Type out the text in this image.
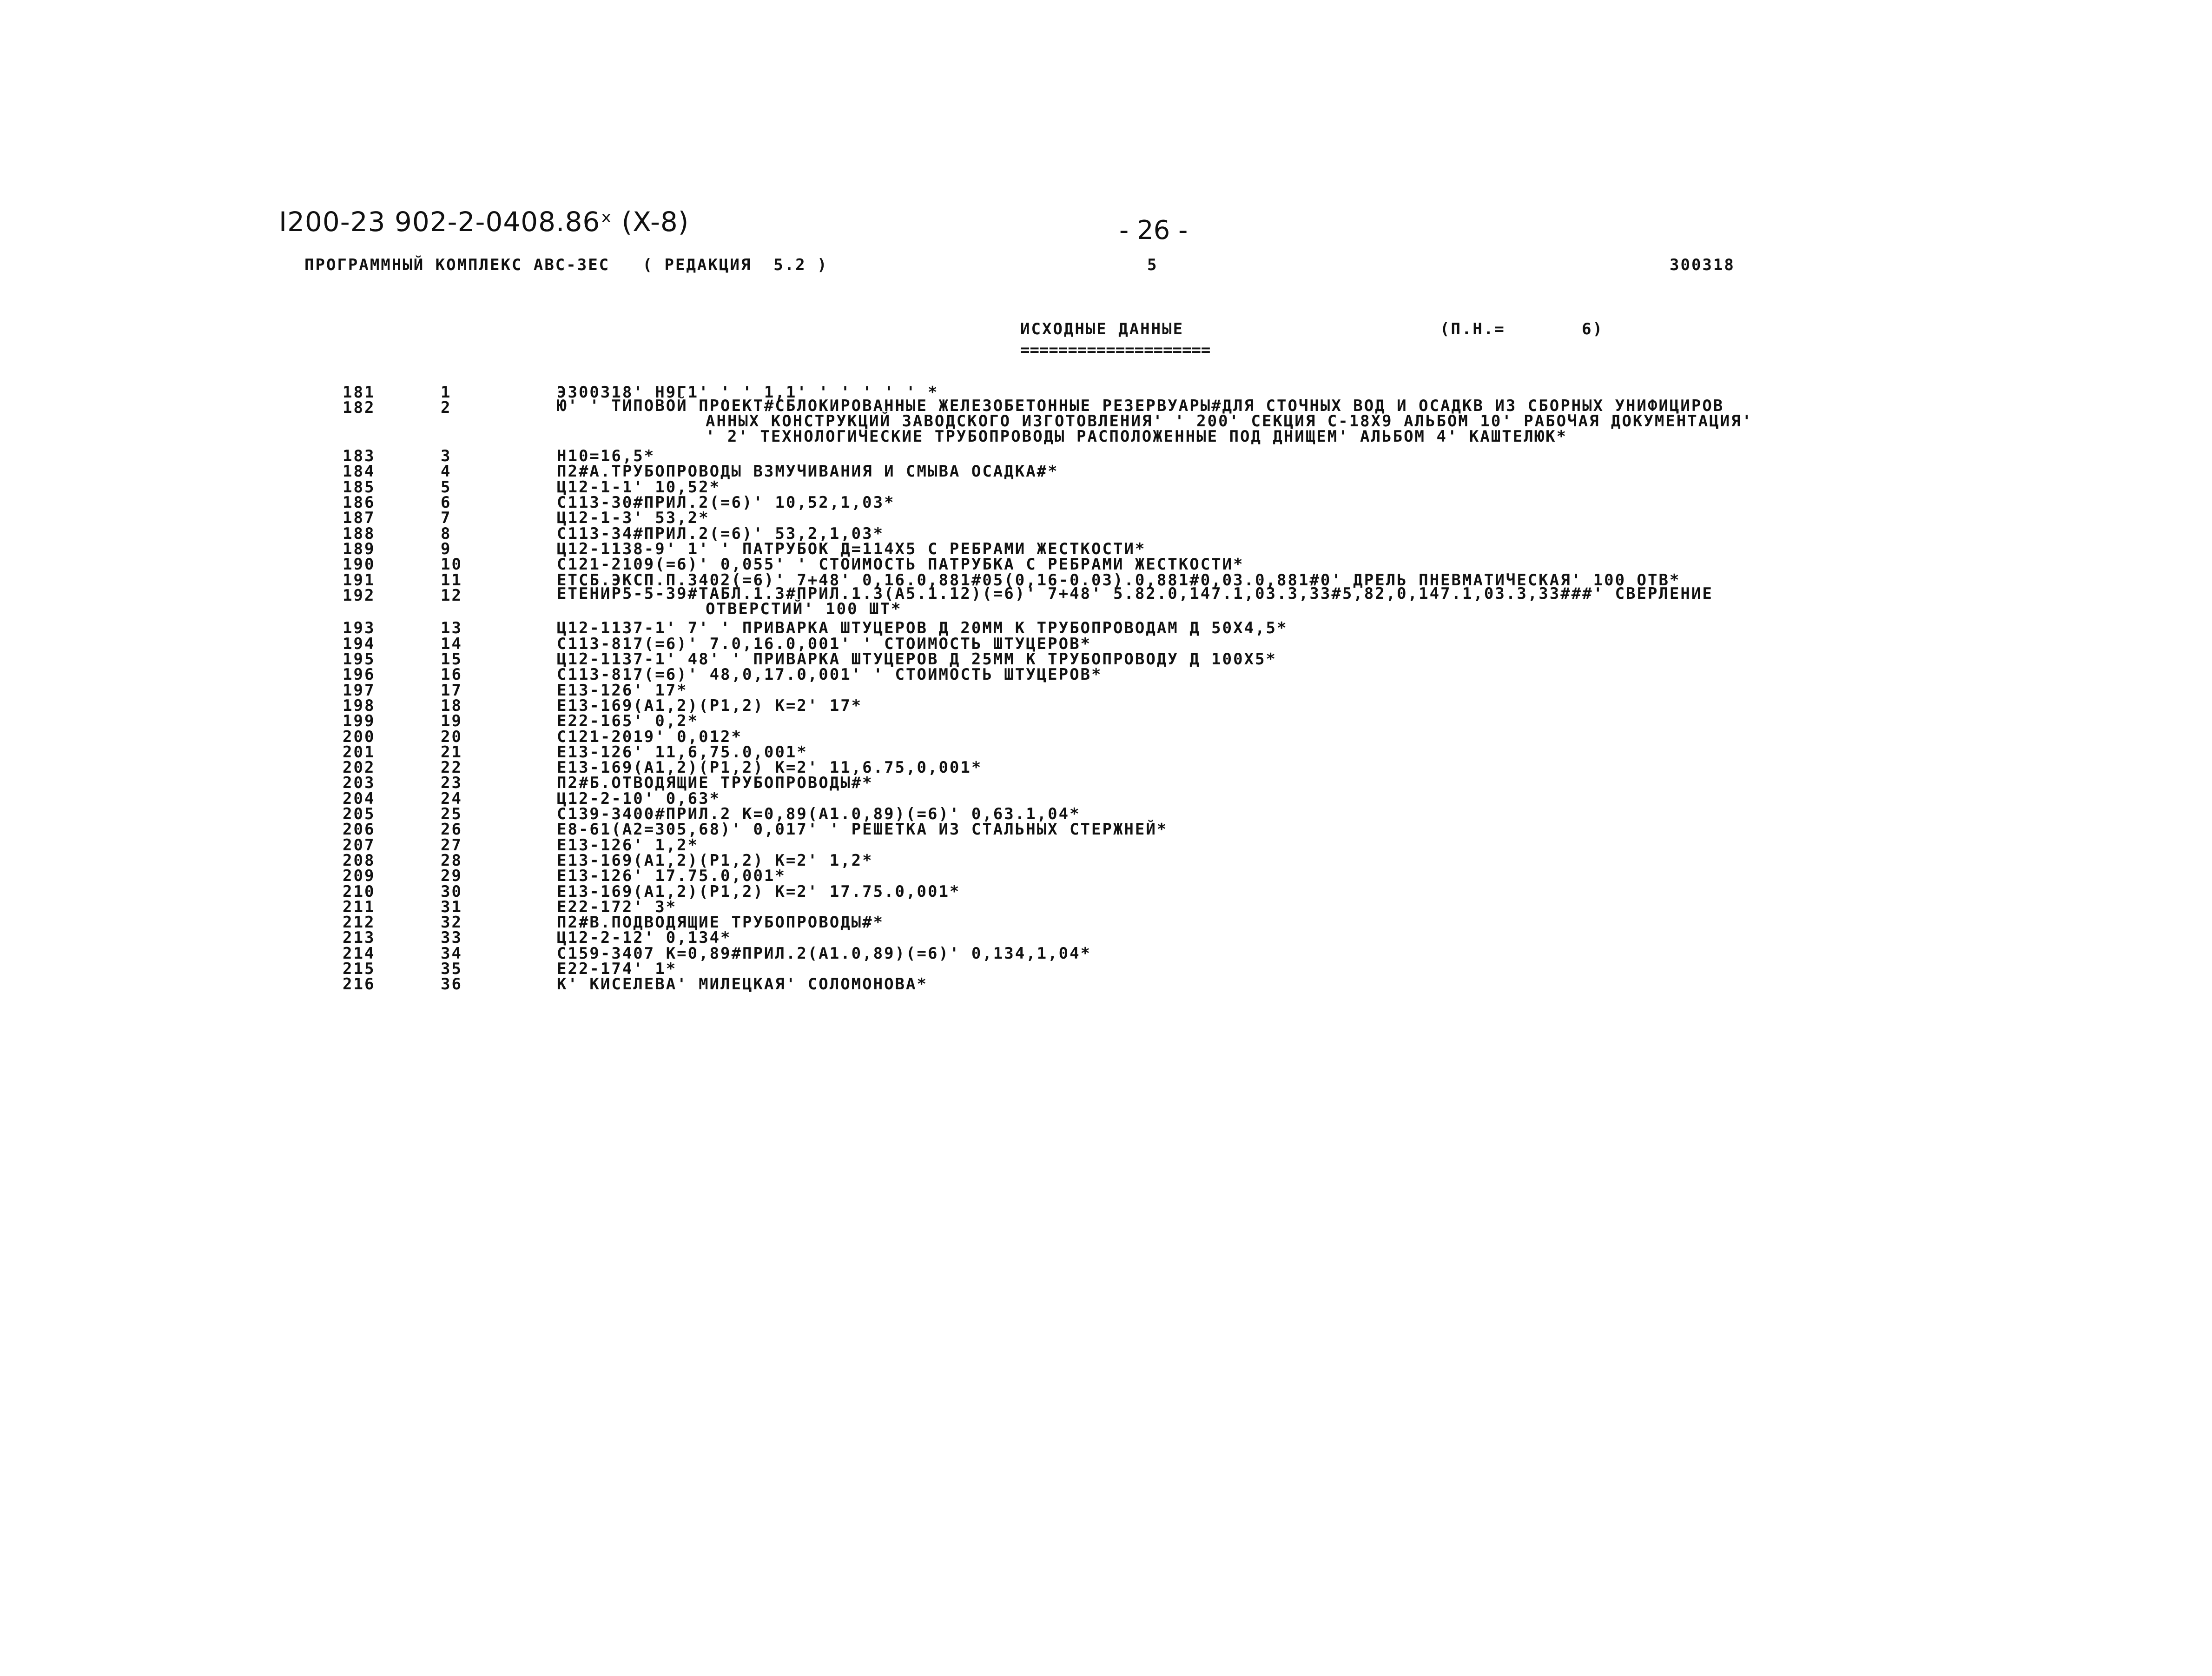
I200-23 902-2-0408.86ˣ (X-8)	- 26 -
ПРОГРАММНЫЙ КОМПЛЕКС АВС-3ЕС   ( РЕДАКЦИЯ  5.2 )	5	300318
ИСХОДНЫЕ ДАННЫЕ	(П.Н.=       6)
====================
181	1	Э300318' Н9Г1' ' ' 1,1' ' ' ' ' ' *
182	2	Ю' ' ТИПОВОЙ ПРОЕКТ#СБЛОКИРОВАННЫЕ ЖЕЛЕЗОБЕТОННЫЕ РЕЗЕРВУАРЫ#ДЛЯ СТОЧНЫХ ВОД И ОСАДКВ ИЗ СБОРНЫХ УНИФИЦИРОВ
АННЫХ КОНСТРУКЦИЙ ЗАВОДСКОГО ИЗГОТОВЛЕНИЯ' ' 200' СЕКЦИЯ С-18Х9 АЛЬБОМ 10' РАБОЧАЯ ДОКУМЕНТАЦИЯ'
' 2' ТЕХНОЛОГИЧЕСКИЕ ТРУБОПРОВОДЫ РАСПОЛОЖЕННЫЕ ПОД ДНИЩЕМ' АЛЬБОМ 4' КАШТЕЛЮК*
183	3	Н10=16,5*
184	4	П2#А.ТРУБОПРОВОДЫ ВЗМУЧИВАНИЯ И СМЫВА ОСАДКА#*
185	5	Ц12-1-1' 10,52*
186	6	С113-30#ПРИЛ.2(=6)' 10,52,1,03*
187	7	Ц12-1-3' 53,2*
188	8	С113-34#ПРИЛ.2(=6)' 53,2,1,03*
189	9	Ц12-1138-9' 1' ' ПАТРУБОК Д=114Х5 С РЕБРАМИ ЖЕСТКОСТИ*
190	10	С121-2109(=6)' 0,055' ' СТОИМОСТЬ ПАТРУБКА С РЕБРАМИ ЖЕСТКОСТИ*
191	11	ЕТСБ.ЭКСП.П.3402(=6)' 7+48' 0,16.0,881#05(0,16-0.03).0,881#0,03.0,881#0' ДРЕЛЬ ПНЕВМАТИЧЕСКАЯ' 100 ОТВ*
192	12	ЕТЕНИР5-5-39#ТАБЛ.1.3#ПРИЛ.1.3(А5.1.12)(=6)' 7+48' 5.82.0,147.1,03.3,33#5,82,0,147.1,03.3,33###' СВЕРЛЕНИЕ
ОТВЕРСТИЙ' 100 ШТ*
193	13	Ц12-1137-1' 7' ' ПРИВАРКА ШТУЦЕРОВ Д 20ММ К ТРУБОПРОВОДАМ Д 50Х4,5*
194	14	С113-817(=6)' 7.0,16.0,001' ' СТОИМОСТЬ ШТУЦЕРОВ*
195	15	Ц12-1137-1' 48' ' ПРИВАРКА ШТУЦЕРОВ Д 25ММ К ТРУБОПРОВОДУ Д 100Х5*
196	16	С113-817(=6)' 48,0,17.0,001' ' СТОИМОСТЬ ШТУЦЕРОВ*
197	17	Е13-126' 17*
198	18	Е13-169(А1,2)(Р1,2) К=2' 17*
199	19	Е22-165' 0,2*
200	20	С121-2019' 0,012*
201	21	Е13-126' 11,6,75.0,001*
202	22	Е13-169(А1,2)(Р1,2) К=2' 11,6.75,0,001*
203	23	П2#Б.ОТВОДЯЩИЕ ТРУБОПРОВОДЫ#*
204	24	Ц12-2-10' 0,63*
205	25	С139-3400#ПРИЛ.2 К=0,89(А1.0,89)(=6)' 0,63.1,04*
206	26	Е8-61(А2=305,68)' 0,017' ' РЕШЕТКА ИЗ СТАЛЬНЫХ СТЕРЖНЕЙ*
207	27	Е13-126' 1,2*
208	28	Е13-169(А1,2)(Р1,2) К=2' 1,2*
209	29	Е13-126' 17.75.0,001*
210	30	Е13-169(А1,2)(Р1,2) К=2' 17.75.0,001*
211	31	Е22-172' 3*
212	32	П2#В.ПОДВОДЯЩИЕ ТРУБОПРОВОДЫ#*
213	33	Ц12-2-12' 0,134*
214	34	С159-3407 К=0,89#ПРИЛ.2(А1.0,89)(=6)' 0,134,1,04*
215	35	Е22-174' 1*
216	36	К' КИСЕЛЕВА' МИЛЕЦКАЯ' СОЛОМОНОВА*
